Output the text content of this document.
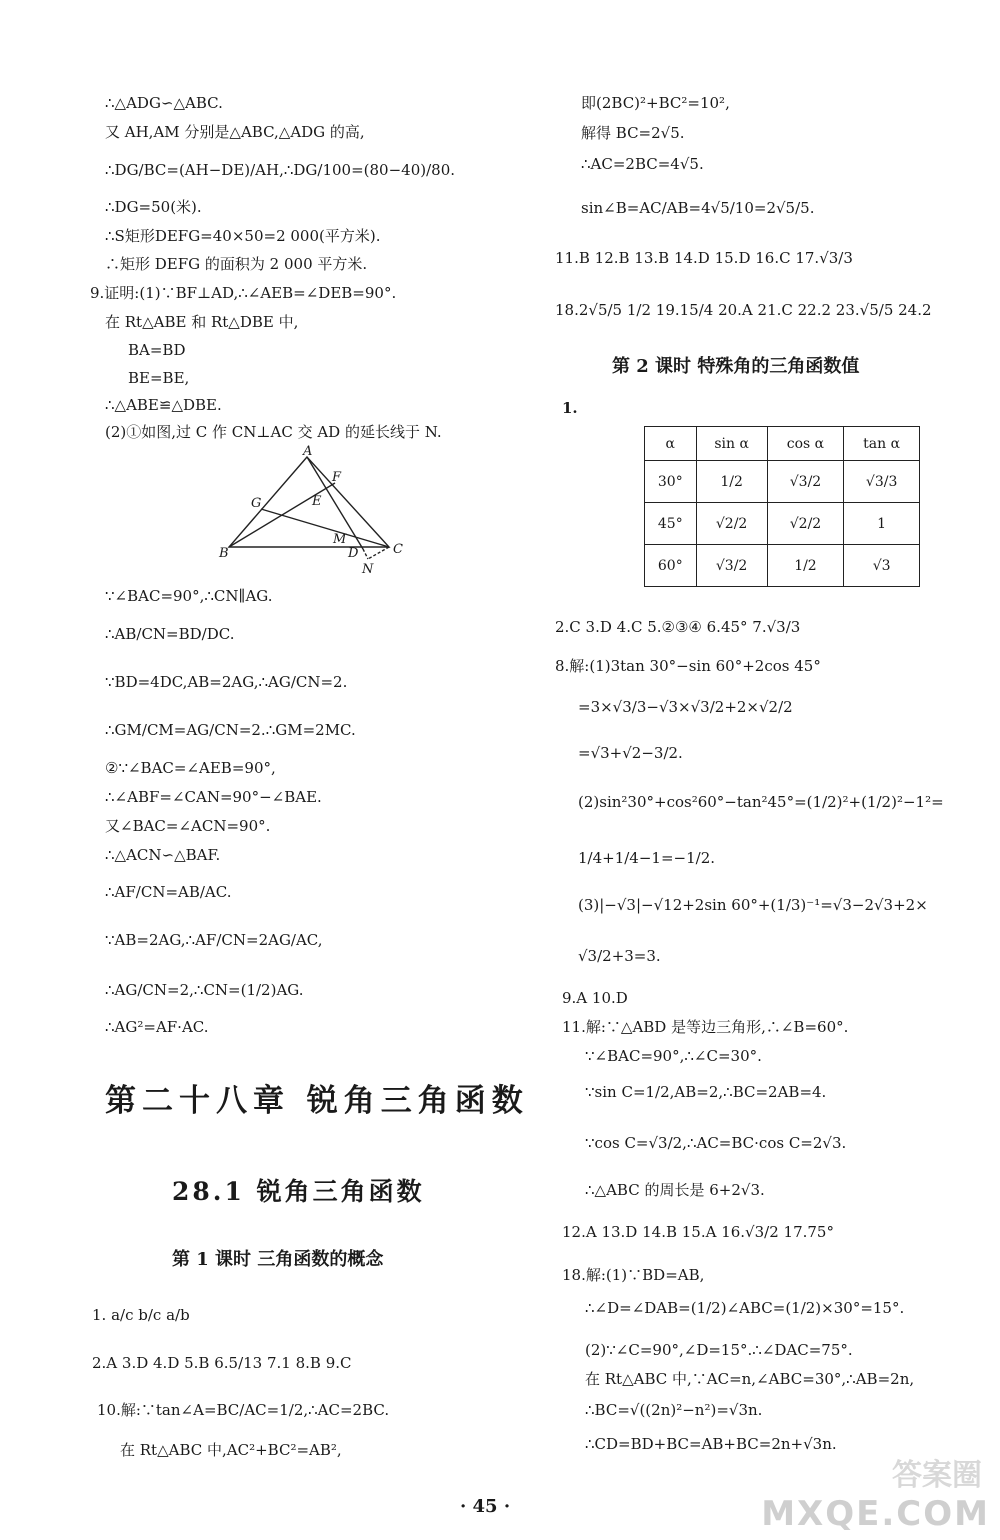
∴△ADG∽△ABC.
又 AH,AM 分别是△ABC,△ADG 的高,
∴DG/BC=(AH−DE)/AH,∴DG/100=(80−40)/80.
∴DG=50(米).
∴S矩形DEFG=40×50=2 000(平方米).
∴矩形 DEFG 的面积为 2 000 平方米.
9.证明:(1)∵BF⊥AD,∴∠AEB=∠DEB=90°.
在 Rt△ABE 和 Rt△DBE 中,
BA=BD
BE=BE,
∴△ABE≌△DBE.
(2)①如图,过 C 作 CN⊥AC 交 AD 的延长线于 N.
∵∠BAC=90°,∴CN∥AG.
∴AB/CN=BD/DC.
∵BD=4DC,AB=2AG,∴AG/CN=2.
∴GM/CM=AG/CN=2.∴GM=2MC.
②∵∠BAC=∠AEB=90°,
∴∠ABF=∠CAN=90°−∠BAE.
又∠BAC=∠ACN=90°.
∴△ACN∽△BAF.
∴AF/CN=AB/AC.
∵AB=2AG,∴AF/CN=2AG/AC,
∴AG/CN=2,∴CN=(1/2)AG.
∴AG²=AF·AC.
A
F
G	E
M
D
B	C
N
第二十八章 锐角三角函数
28.1 锐角三角函数
第 1 课时 三角函数的概念
第 2 课时 特殊角的三角函数值
1. a/c b/c a/b
2.A 3.D 4.D 5.B 6.5/13 7.1 8.B 9.C
10.解:∵tan∠A=BC/AC=1/2,∴AC=2BC.
在 Rt△ABC 中,AC²+BC²=AB²,
即(2BC)²+BC²=10²,
解得 BC=2√5.
∴AC=2BC=4√5.
sin∠B=AC/AB=4√5/10=2√5/5.
11.B 12.B 13.B 14.D 15.D 16.C 17.√3/3
18.2√5/5 1/2 19.15/4 20.A 21.C 22.2 23.√5/5 24.2
1.
α	sin α	cos α	tan α
30°	1/2	√3/2	√3/3
45°	√2/2	√2/2	1
60°	√3/2	1/2	√3
2.C 3.D 4.C 5.②③④ 6.45° 7.√3/3
8.解:(1)3tan 30°−sin 60°+2cos 45°
=3×√3/3−√3×√3/2+2×√2/2
=√3+√2−3/2.
(2)sin²30°+cos²60°−tan²45°=(1/2)²+(1/2)²−1²=
1/4+1/4−1=−1/2.
(3)|−√3|−√12+2sin 60°+(1/3)⁻¹=√3−2√3+2×
√3/2+3=3.
9.A 10.D
11.解:∵△ABD 是等边三角形,∴∠B=60°.
∵∠BAC=90°,∴∠C=30°.
∵sin C=1/2,AB=2,∴BC=2AB=4.
∵cos C=√3/2,∴AC=BC·cos C=2√3.
∴△ABC 的周长是 6+2√3.
12.A 13.D 14.B 15.A 16.√3/2 17.75°
18.解:(1)∵BD=AB,
∴∠D=∠DAB=(1/2)∠ABC=(1/2)×30°=15°.
(2)∵∠C=90°,∠D=15°.∴∠DAC=75°.
在 Rt△ABC 中,∵AC=n,∠ABC=30°,∴AB=2n,
∴BC=√((2n)²−n²)=√3n.
∴CD=BD+BC=AB+BC=2n+√3n.
· 45 ·
答案圈
MXQE.COM
